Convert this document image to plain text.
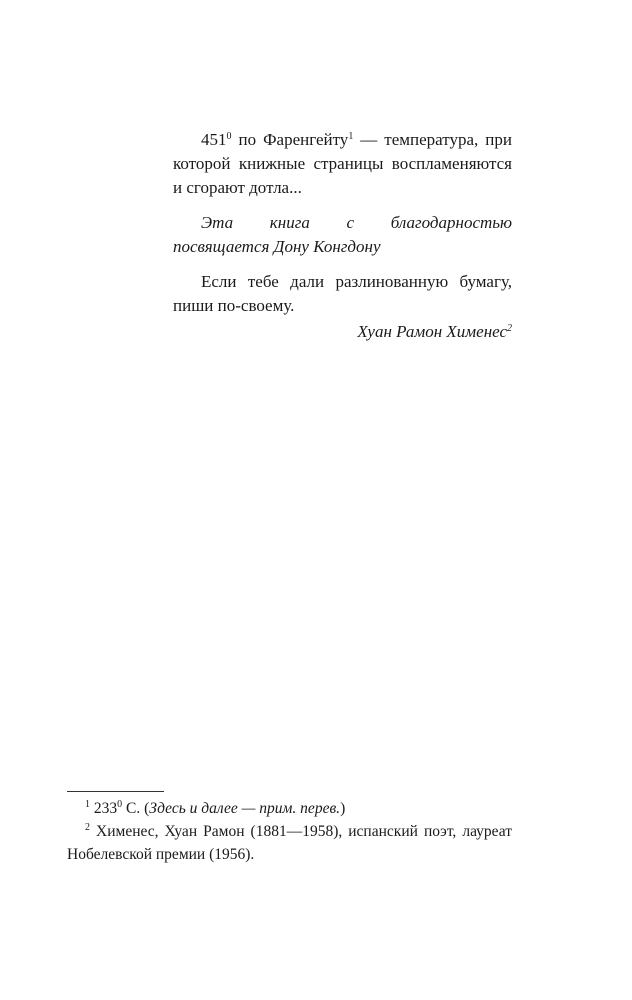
$451^0$ по Фаренгейту$^1$ — температура, при которой книжные страницы воспламеняются и сгорают дотла...

Эта книга с благодарностью посвящается Дону Конгдону

Если тебе дали разлинованную бумагу, пиши по-своему.

Хуан Рамон Хименес$^2$

$^1$ $233^0$ С. (Здесь и далее — прим. перев.)

$^2$ Хименес, Хуан Рамон (1881—1958), испанский поэт, лауреат Нобелевской премии (1956).
